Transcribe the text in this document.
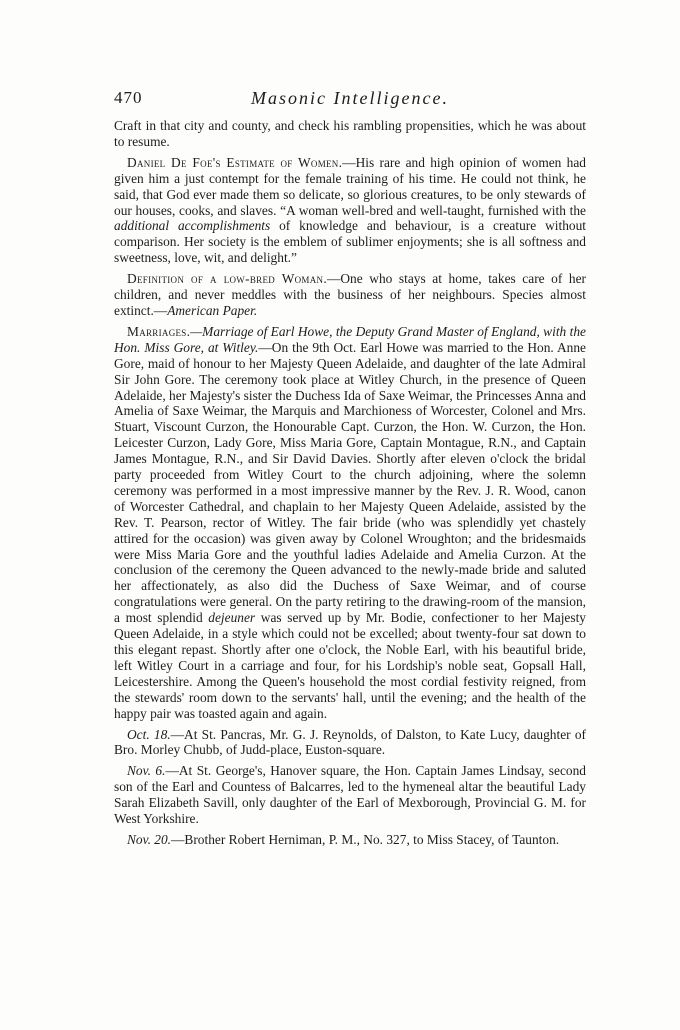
470	Masonic Intelligence.

Craft in that city and county, and check his rambling propensities, which he was about to resume.

Daniel De Foe's Estimate of Women.—His rare and high opinion of women had given him a just contempt for the female training of his time. He could not think, he said, that God ever made them so delicate, so glorious creatures, to be only stewards of our houses, cooks, and slaves. “A woman well-bred and well-taught, furnished with the additional accomplishments of knowledge and behaviour, is a creature without comparison. Her society is the emblem of sublimer enjoyments; she is all softness and sweetness, love, wit, and delight.”

Definition of a low-bred Woman.—One who stays at home, takes care of her children, and never meddles with the business of her neighbours. Species almost extinct.—American Paper.

Marriages.—Marriage of Earl Howe, the Deputy Grand Master of England, with the Hon. Miss Gore, at Witley.—On the 9th Oct. Earl Howe was married to the Hon. Anne Gore, maid of honour to her Majesty Queen Adelaide, and daughter of the late Admiral Sir John Gore. The ceremony took place at Witley Church, in the presence of Queen Adelaide, her Majesty's sister the Duchess Ida of Saxe Weimar, the Princesses Anna and Amelia of Saxe Weimar, the Marquis and Marchioness of Worcester, Colonel and Mrs. Stuart, Viscount Curzon, the Honourable Capt. Curzon, the Hon. W. Curzon, the Hon. Leicester Curzon, Lady Gore, Miss Maria Gore, Captain Montague, R.N., and Captain James Montague, R.N., and Sir David Davies. Shortly after eleven o'clock the bridal party proceeded from Witley Court to the church adjoining, where the solemn ceremony was performed in a most impressive manner by the Rev. J. R. Wood, canon of Worcester Cathedral, and chaplain to her Majesty Queen Adelaide, assisted by the Rev. T. Pearson, rector of Witley. The fair bride (who was splendidly yet chastely attired for the occasion) was given away by Colonel Wroughton; and the bridesmaids were Miss Maria Gore and the youthful ladies Adelaide and Amelia Curzon. At the conclusion of the ceremony the Queen advanced to the newly-made bride and saluted her affectionately, as also did the Duchess of Saxe Weimar, and of course congratulations were general. On the party retiring to the drawing-room of the mansion, a most splendid dejeuner was served up by Mr. Bodie, confectioner to her Majesty Queen Adelaide, in a style which could not be excelled; about twenty-four sat down to this elegant repast. Shortly after one o'clock, the Noble Earl, with his beautiful bride, left Witley Court in a carriage and four, for his Lordship's noble seat, Gopsall Hall, Leicestershire. Among the Queen's household the most cordial festivity reigned, from the stewards' room down to the servants' hall, until the evening; and the health of the happy pair was toasted again and again.

Oct. 18.—At St. Pancras, Mr. G. J. Reynolds, of Dalston, to Kate Lucy, daughter of Bro. Morley Chubb, of Judd-place, Euston-square.

Nov. 6.—At St. George's, Hanover square, the Hon. Captain James Lindsay, second son of the Earl and Countess of Balcarres, led to the hymeneal altar the beautiful Lady Sarah Elizabeth Savill, only daughter of the Earl of Mexborough, Provincial G. M. for West Yorkshire.

Nov. 20.—Brother Robert Herniman, P. M., No. 327, to Miss Stacey, of Taunton.
